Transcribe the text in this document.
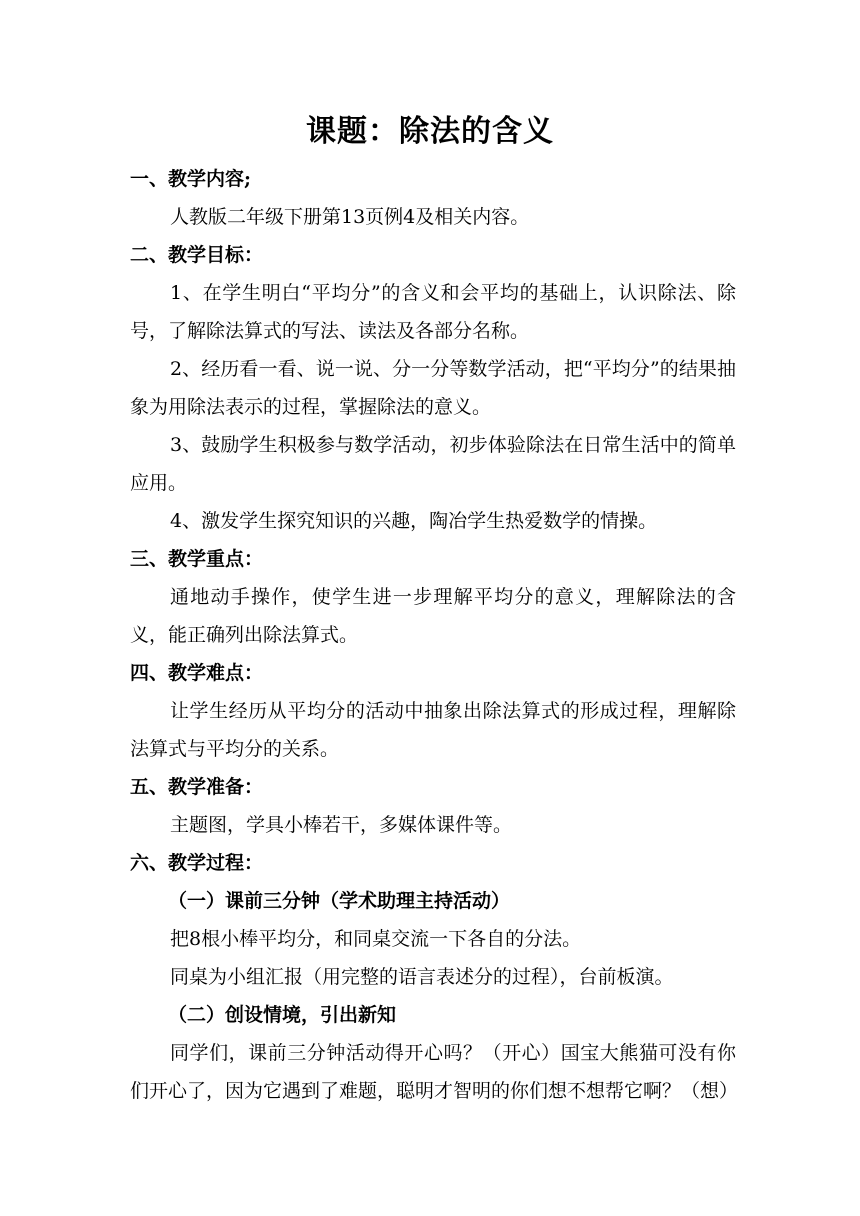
课题：除法的含义
一、教学内容;
人教版二年级下册第13页例4及相关内容。
二、教学目标：
1、在学生明白“平均分”的含义和会平均的基础上，认识除法、除号，了解除法算式的写法、读法及各部分名称。
2、经历看一看、说一说、分一分等数学活动，把“平均分”的结果抽象为用除法表示的过程，掌握除法的意义。
3、鼓励学生积极参与数学活动，初步体验除法在日常生活中的简单应用。
4、激发学生探究知识的兴趣，陶冶学生热爱数学的情操。
三、教学重点：
通地动手操作，使学生进一步理解平均分的意义，理解除法的含义，能正确列出除法算式。
四、教学难点：
让学生经历从平均分的活动中抽象出除法算式的形成过程，理解除法算式与平均分的关系。
五、教学准备：
主题图，学具小棒若干，多媒体课件等。
六、教学过程：
（一）课前三分钟（学术助理主持活动）
把8根小棒平均分，和同桌交流一下各自的分法。
同桌为小组汇报（用完整的语言表述分的过程），台前板演。
（二）创设情境，引出新知
同学们，课前三分钟活动得开心吗？（开心）国宝大熊猫可没有你们开心了，因为它遇到了难题，聪明才智明的你们想不想帮它啊？（想）
